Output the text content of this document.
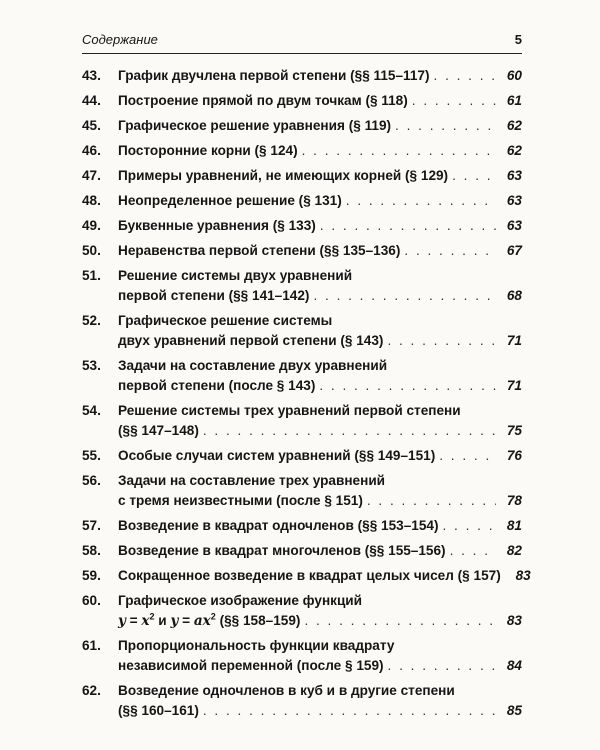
Содержание	5
43.	График двучлена первой степени (§§ 115–117) . . .	60
44.	Построение прямой по двум точкам (§ 118) . . .	61
45.	Графическое решение уравнения (§ 119) . . .	62
46.	Посторонние корни (§ 124) . . .	62
47.	Примеры уравнений, не имеющих корней (§ 129) . . .	63
48.	Неопределенное решение (§ 131) . . .	63
49.	Буквенные уравнения (§ 133) . . .	63
50.	Неравенства первой степени (§§ 135–136) . . .	67
51.	Решение системы двух уравнений
первой степени (§§ 141–142) . . .	68
52.	Графическое решение системы
двух уравнений первой степени (§ 143) . . .	71
53.	Задачи на составление двух уравнений
первой степени (после § 143) . . .	71
54.	Решение системы трех уравнений первой степени
(§§ 147–148) . . .	75
55.	Особые случаи систем уравнений (§§ 149–151) . . .	76
56.	Задачи на составление трех уравнений
с тремя неизвестными (после § 151) . . .	78
57.	Возведение в квадрат одночленов (§§ 153–154) . . .	81
58.	Возведение в квадрат многочленов (§§ 155–156) . . .	82
59.	Сокращенное возведение в квадрат целых чисел (§ 157)	83
60.	Графическое изображение функций
$y = x^2$ и $y = ax^2$ (§§ 158–159) . . .	83
61.	Пропорциональность функции квадрату
независимой переменной (после § 159) . . .	84
62.	Возведение одночленов в куб и в другие степени
(§§ 160–161) . . .	85
